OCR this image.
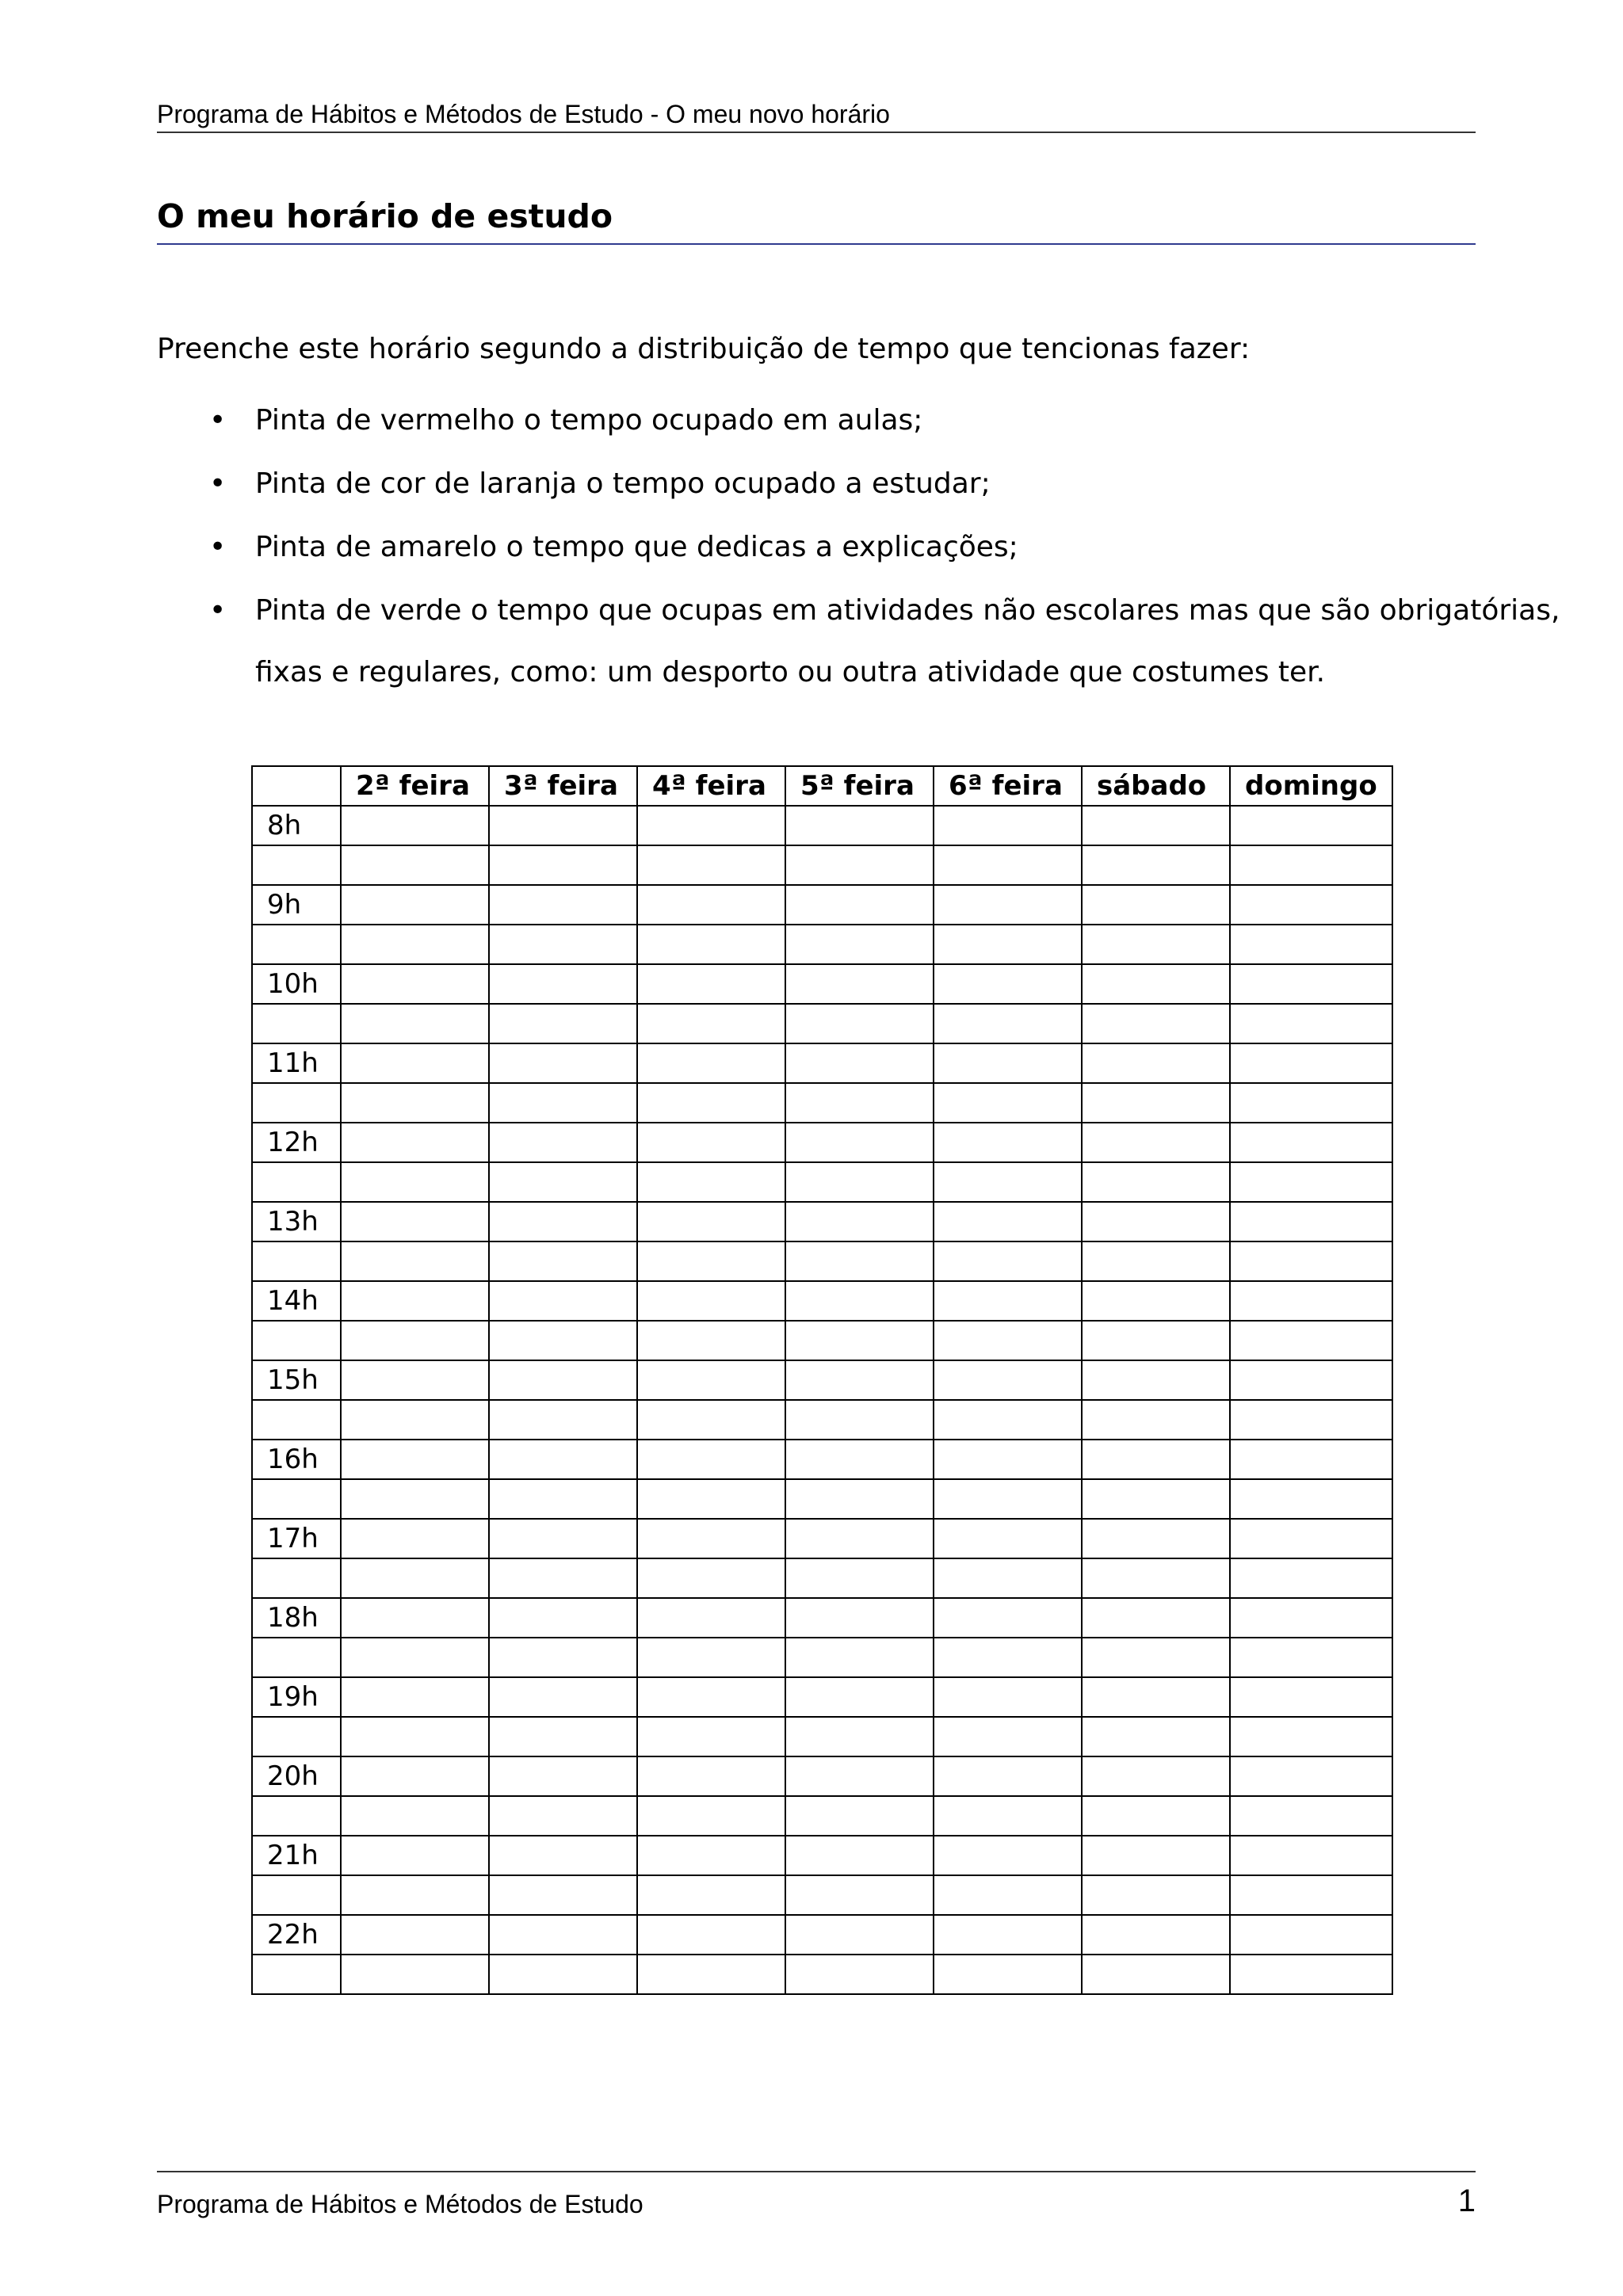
Programa de Hábitos e Métodos de Estudo - O meu novo horário
O meu horário de estudo
Preenche este horário segundo a distribuição de tempo que tencionas fazer:
• Pinta de vermelho o tempo ocupado em aulas;
• Pinta de cor de laranja o tempo ocupado a estudar;
• Pinta de amarelo o tempo que dedicas a explicações;
• Pinta de verde o tempo que ocupas em atividades não escolares mas que são obrigatórias,
fixas e regulares, como: um desporto ou outra atividade que costumes ter.
	2ª feira	3ª feira	4ª feira	5ª feira	6ª feira	sábado	domingo
8h							

9h							

10h							

11h							

12h							

13h							

14h							

15h							

16h							

17h							

18h							

19h							

20h							

21h							

22h							

Programa de Hábitos e Métodos de Estudo	1
